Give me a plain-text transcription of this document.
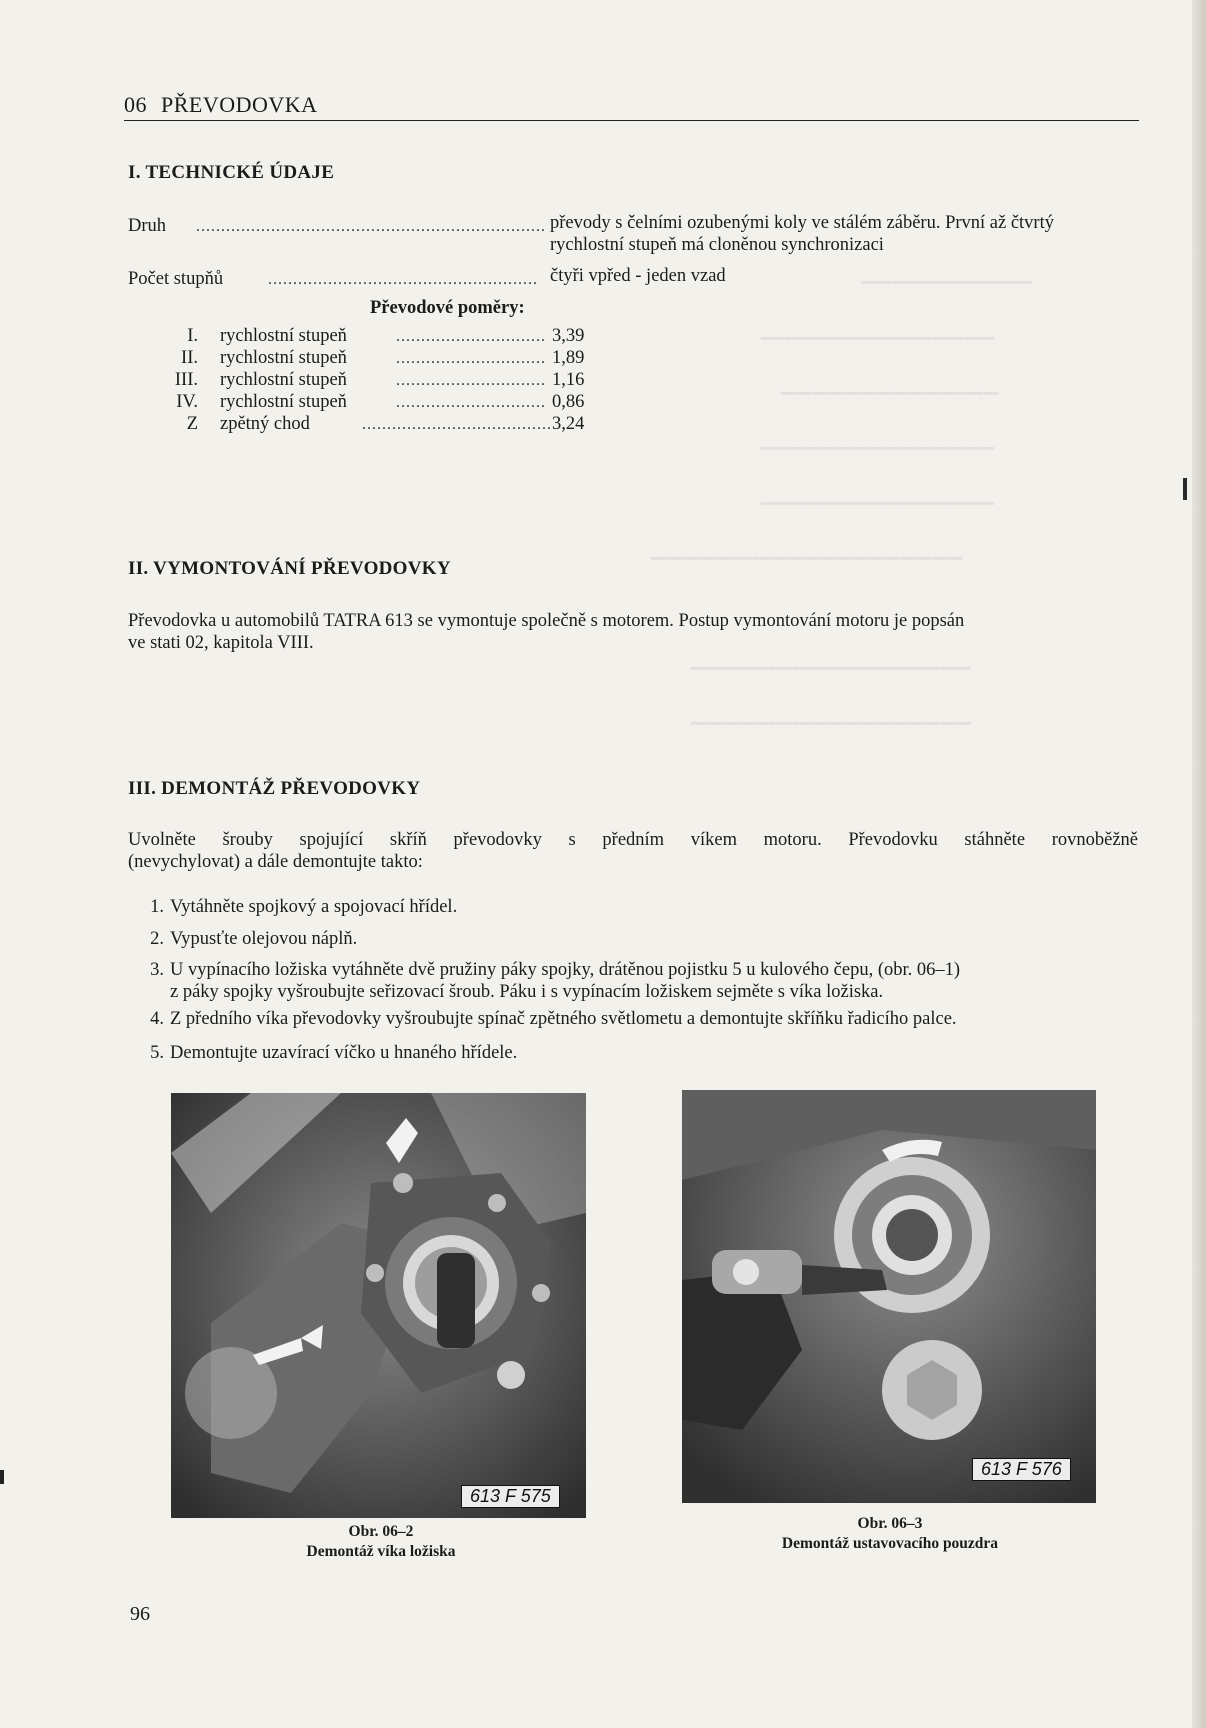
▁▁▁▁▁▁▁▁▁▁▁
▁▁▁▁▁▁▁▁▁▁▁▁▁▁▁
▁▁▁▁▁▁▁▁▁▁▁▁▁▁
▁▁▁▁▁▁▁▁▁▁▁▁▁▁▁
▁▁▁▁▁▁▁▁▁▁▁▁▁▁▁
▁▁▁▁▁▁▁▁▁▁▁▁▁▁▁▁▁▁▁▁
▁▁▁▁▁▁▁▁▁▁▁▁▁▁▁▁▁▁
▁▁▁▁▁▁▁▁▁▁▁▁▁▁▁▁▁▁
06 PŘEVODOVKA
I. TECHNICKÉ ÚDAJE
Druh ...................................................................... převody s čelními ozubenými koly ve stálém záběru. První až čtvrtý
rychlostní stupeň má cloněnou synchronizaci
Počet stupňů	...................................................... čtyři vpřed - jeden vzad
Převodové poměry:
I. rychlostní stupeň	.............................. 3,39
II. rychlostní stupeň	.............................. 1,89
III. rychlostní stupeň	.............................. 1,16
IV. rychlostní stupeň	.............................. 0,86
Z zpětný chod	...................................... 3,24
II. VYMONTOVÁNÍ PŘEVODOVKY
Převodovka u automobilů TATRA 613 se vymontuje společně s motorem. Postup vymontování motoru je popsán
ve stati 02, kapitola VIII.
III. DEMONTÁŽ PŘEVODOVKY
Uvolněte šrouby spojující skříň převodovky s předním víkem motoru. Převodovku stáhněte rovnoběžně
(nevychylovat) a dále demontujte takto:
1. Vytáhněte spojkový a spojovací hřídel.
2. Vypusťte olejovou náplň.
3. U vypínacího ložiska vytáhněte dvě pružiny páky spojky, drátěnou pojistku 5 u kulového čepu, (obr. 06–1)
z páky spojky vyšroubujte seřizovací šroub. Páku i s vypínacím ložiskem sejměte s víka ložiska.
4. Z předního víka převodovky vyšroubujte spínač zpětného světlometu a demontujte skříňku řadicího palce.
5. Demontujte uzavírací víčko u hnaného hřídele.
613 F 575
Obr. 06–2
Demontáž víka ložiska
613 F 576
Obr. 06–3
Demontáž ustavovacího pouzdra
96
